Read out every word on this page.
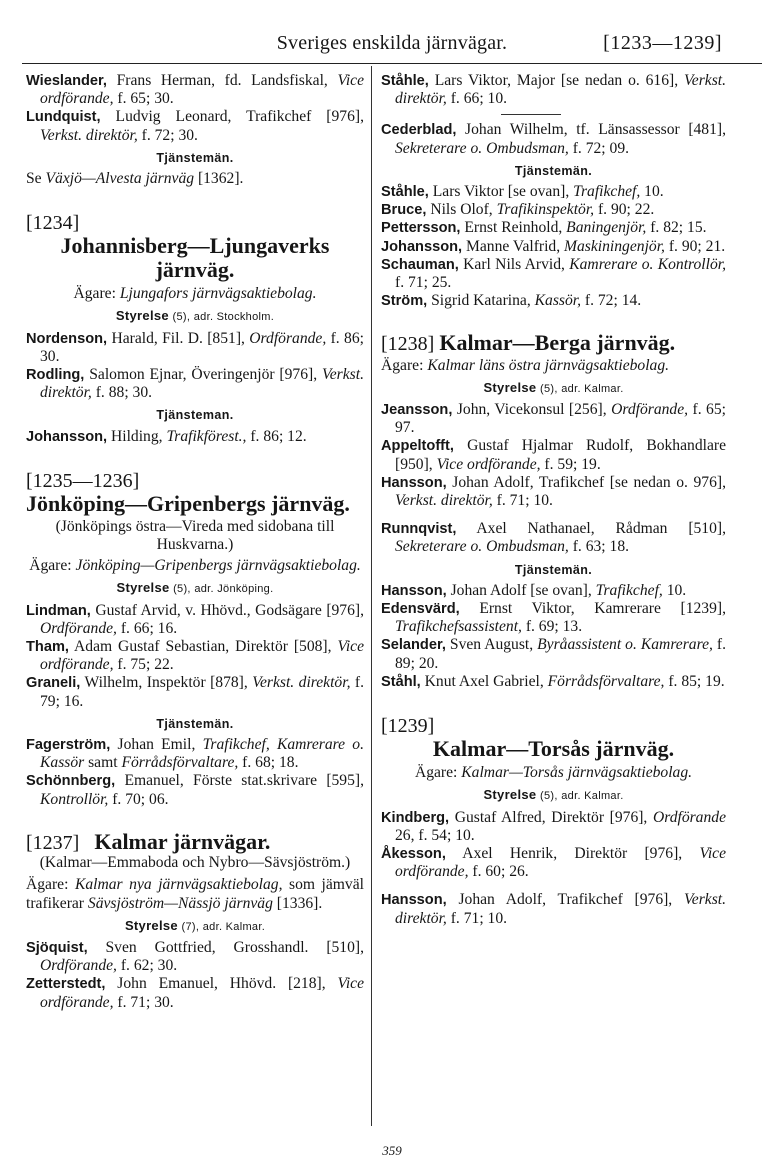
Sveriges enskilda järnvägar.	[1233—1239]

Wieslander, Frans Herman, fd. Landsfiskal, Vice ordförande, f. 65; 30.

Lundquist, Ludvig Leonard, Trafikchef [976], Verkst. direktör, f. 72; 30.

Tjänstemän.

Se Växjö—Alvesta järnväg [1362].

[1234]
Johannisberg—Ljungaverks
järnväg.
Ägare: Ljungafors järnvägsaktiebolag.
Styrelse (5), adr. Stockholm.

Nordenson, Harald, Fil. D. [851], Ordförande, f. 86; 30.

Rodling, Salomon Ejnar, Överingenjör [976], Verkst. direktör, f. 88; 30.

Tjänsteman.

Johansson, Hilding, Trafikförest., f. 86; 12.

[1235—1236]
Jönköping—Gripenbergs järnväg.
(Jönköpings östra—Vireda med sidobana till Huskvarna.)
Ägare: Jönköping—Gripenbergs järnvägsaktiebolag.
Styrelse (5), adr. Jönköping.

Lindman, Gustaf Arvid, v. Hhövd., Godsägare [976], Ordförande, f. 66; 16.

Tham, Adam Gustaf Sebastian, Direktör [508], Vice ordförande, f. 75; 22.

Graneli, Wilhelm, Inspektör [878], Verkst. direktör, f. 79; 16.

Tjänstemän.

Fagerström, Johan Emil, Trafikchef, Kamrerare o. Kassör samt Förrådsförvaltare, f. 68; 18.

Schönnberg, Emanuel, Förste stat.skrivare [595], Kontrollör, f. 70; 06.

[1237] Kalmar järnvägar.
(Kalmar—Emmaboda och Nybro—Sävsjöström.)

Ägare: Kalmar nya järnvägsaktiebolag, som jämväl trafikerar Sävsjöström—Nässjö järnväg [1336].

Styrelse (7), adr. Kalmar.

Sjöquist, Sven Gottfried, Grosshandl. [510], Ordförande, f. 62; 30.

Zetterstedt, John Emanuel, Hhövd. [218], Vice ordförande, f. 71; 30.

Ståhle, Lars Viktor, Major [se nedan o. 616], Verkst. direktör, f. 66; 10.

Cederblad, Johan Wilhelm, tf. Länsassessor [481], Sekreterare o. Ombudsman, f. 72; 09.

Tjänstemän.

Ståhle, Lars Viktor [se ovan], Trafikchef, 10.

Bruce, Nils Olof, Trafikinspektör, f. 90; 22.

Pettersson, Ernst Reinhold, Baningenjör, f. 82; 15.

Johansson, Manne Valfrid, Maskiningenjör, f. 90; 21.

Schauman, Karl Nils Arvid, Kamrerare o. Kontrollör, f. 71; 25.

Ström, Sigrid Katarina, Kassör, f. 72; 14.

[1238] Kalmar—Berga järnväg.
Ägare: Kalmar läns östra järnvägsaktiebolag.
Styrelse (5), adr. Kalmar.

Jeansson, John, Vicekonsul [256], Ordförande, f. 65; 97.

Appeltofft, Gustaf Hjalmar Rudolf, Bokhandlare [950], Vice ordförande, f. 59; 19.

Hansson, Johan Adolf, Trafikchef [se nedan o. 976], Verkst. direktör, f. 71; 10.

Runnqvist, Axel Nathanael, Rådman [510], Sekreterare o. Ombudsman, f. 63; 18.

Tjänstemän.

Hansson, Johan Adolf [se ovan], Trafikchef, 10.

Edensvärd, Ernst Viktor, Kamrerare [1239], Trafikchefsassistent, f. 69; 13.

Selander, Sven August, Byråassistent o. Kamrerare, f. 89; 20.

Ståhl, Knut Axel Gabriel, Förrådsförvaltare, f. 85; 19.

[1239]
Kalmar—Torsås järnväg.
Ägare: Kalmar—Torsås järnvägsaktiebolag.
Styrelse (5), adr. Kalmar.

Kindberg, Gustaf Alfred, Direktör [976], Ordförande 26, f. 54; 10.

Åkesson, Axel Henrik, Direktör [976], Vice ordförande, f. 60; 26.

Hansson, Johan Adolf, Trafikchef [976], Verkst. direktör, f. 71; 10.

359
